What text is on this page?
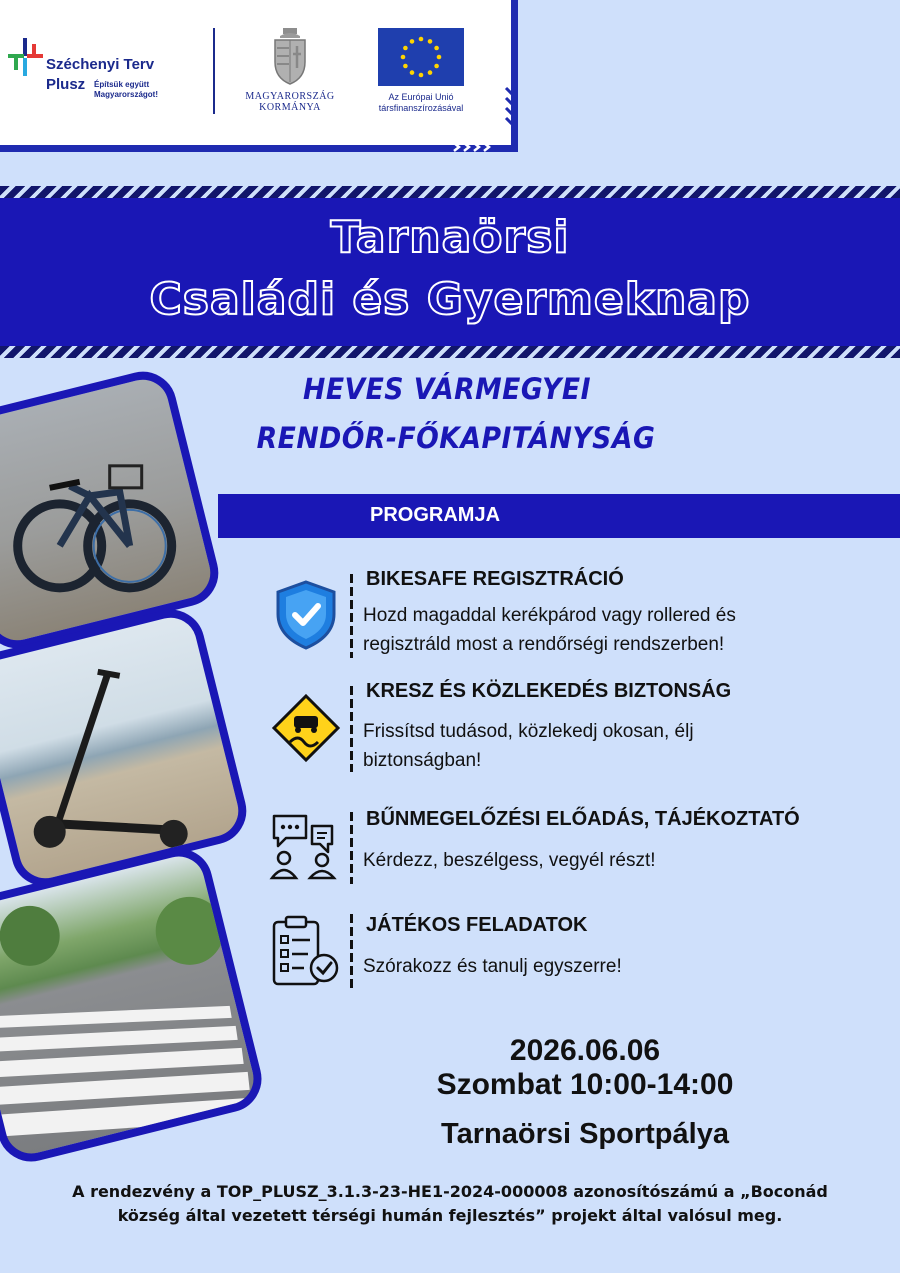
Széchenyi Terv
Plusz Építsük együtt
Magyarországot!	MAGYARORSZÁG
KORMÁNYA
Az Európai Unió
társfinanszírozásával
Tarnaörsi
Családi és Gyermeknap
HEVES VÁRMEGYEI
RENDŐR-FŐKAPITÁNYSÁG
PROGRAMJA
BIKESAFE REGISZTRÁCIÓ
Hozd magaddal kerékpárod vagy rollered és
regisztráld most a rendőrségi rendszerben!
KRESZ ÉS KÖZLEKEDÉS BIZTONSÁG
Frissítsd tudásod, közlekedj okosan, élj
biztonságban!
BŰNMEGELŐZÉSI ELŐADÁS, TÁJÉKOZTATÓ
Kérdezz, beszélgess, vegyél részt!
JÁTÉKOS FELADATOK
Szórakozz és tanulj egyszerre!
2026.06.06
Szombat 10:00-14:00
Tarnaörsi Sportpálya
A rendezvény a TOP_PLUSZ_3.1.3-23-HE1-2024-000008 azonosítószámú a „Boconád
község által vezetett térségi humán fejlesztés” projekt által valósul meg.
